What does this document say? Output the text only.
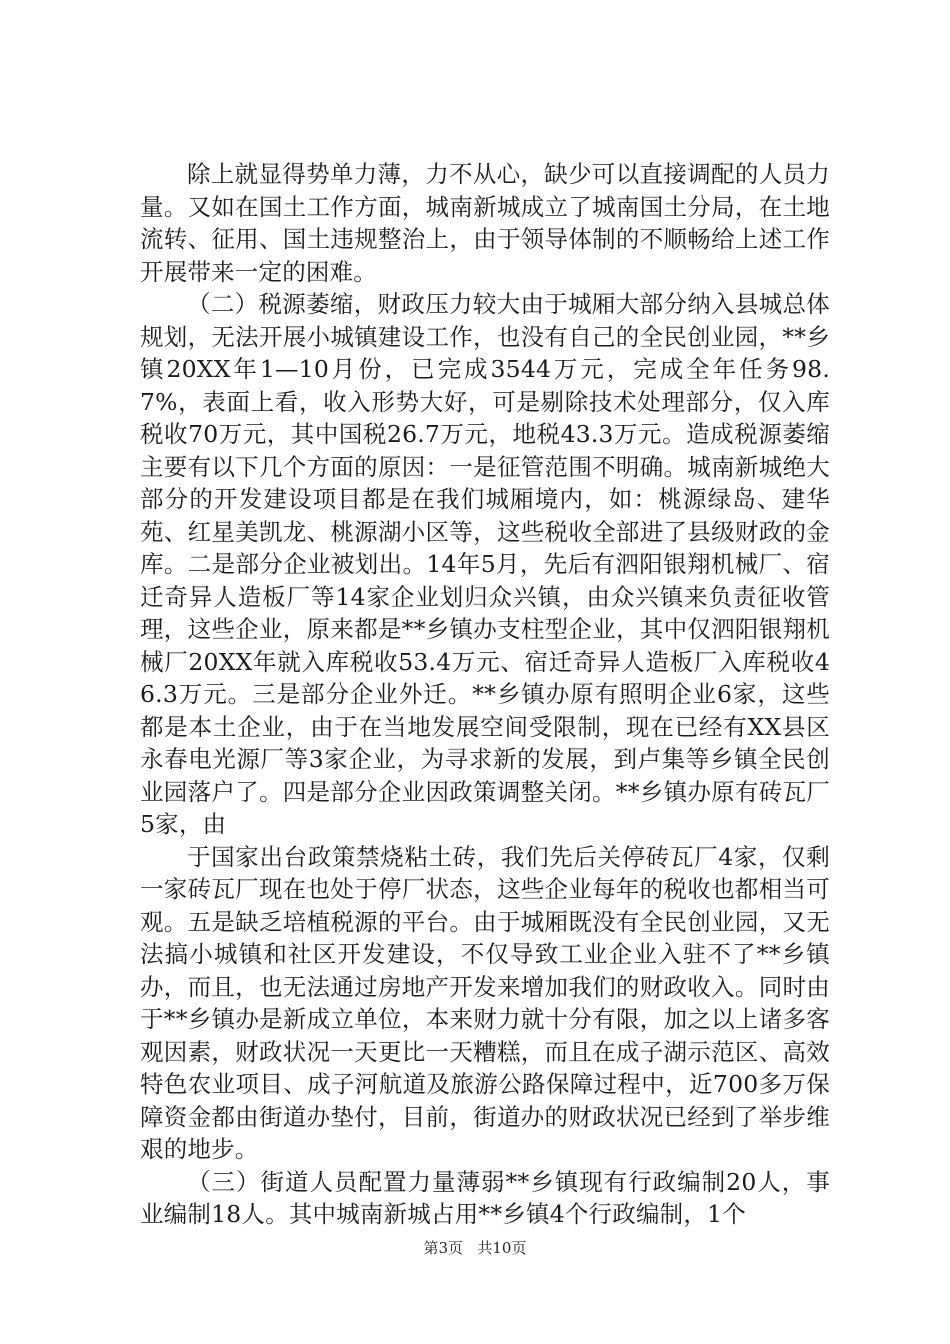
除上就显得势单力薄，力不从心，缺少可以直接调配的人员力量。又如在国土工作方面，城南新城成立了城南国土分局，在土地流转、征用、国土违规整治上，由于领导体制的不顺畅给上述工作开展带来一定的困难。

（二）税源萎缩，财政压力较大由于城厢大部分纳入县城总体规划，无法开展小城镇建设工作，也没有自己的全民创业园，**乡镇20XX年1—10月份，已完成3544万元，完成全年任务98.7%，表面上看，收入形势大好，可是剔除技术处理部分，仅入库税收70万元，其中国税26.7万元，地税43.3万元。造成税源萎缩主要有以下几个方面的原因：一是征管范围不明确。城南新城绝大部分的开发建设项目都是在我们城厢境内，如：桃源绿岛、建华苑、红星美凯龙、桃源湖小区等，这些税收全部进了县级财政的金库。二是部分企业被划出。14年5月，先后有泗阳银翔机械厂、宿迁奇异人造板厂等14家企业划归众兴镇，由众兴镇来负责征收管理，这些企业，原来都是**乡镇办支柱型企业，其中仅泗阳银翔机械厂20XX年就入库税收53.4万元、宿迁奇异人造板厂入库税收46.3万元。三是部分企业外迁。**乡镇办原有照明企业6家，这些都是本土企业，由于在当地发展空间受限制，现在已经有XX县区永春电光源厂等3家企业，为寻求新的发展，到卢集等乡镇全民创业园落户了。四是部分企业因政策调整关闭。**乡镇办原有砖瓦厂5家，由

于国家出台政策禁烧粘土砖，我们先后关停砖瓦厂4家，仅剩一家砖瓦厂现在也处于停厂状态，这些企业每年的税收也都相当可观。五是缺乏培植税源的平台。由于城厢既没有全民创业园，又无法搞小城镇和社区开发建设，不仅导致工业企业入驻不了**乡镇办，而且，也无法通过房地产开发来增加我们的财政收入。同时由于**乡镇办是新成立单位，本来财力就十分有限，加之以上诸多客观因素，财政状况一天更比一天糟糕，而且在成子湖示范区、高效特色农业项目、成子河航道及旅游公路保障过程中，近700多万保障资金都由街道办垫付，目前，街道办的财政状况已经到了举步维艰的地步。

（三）街道人员配置力量薄弱**乡镇现有行政编制20人，事业编制18人。其中城南新城占用**乡镇4个行政编制，1个

第3页 共10页
